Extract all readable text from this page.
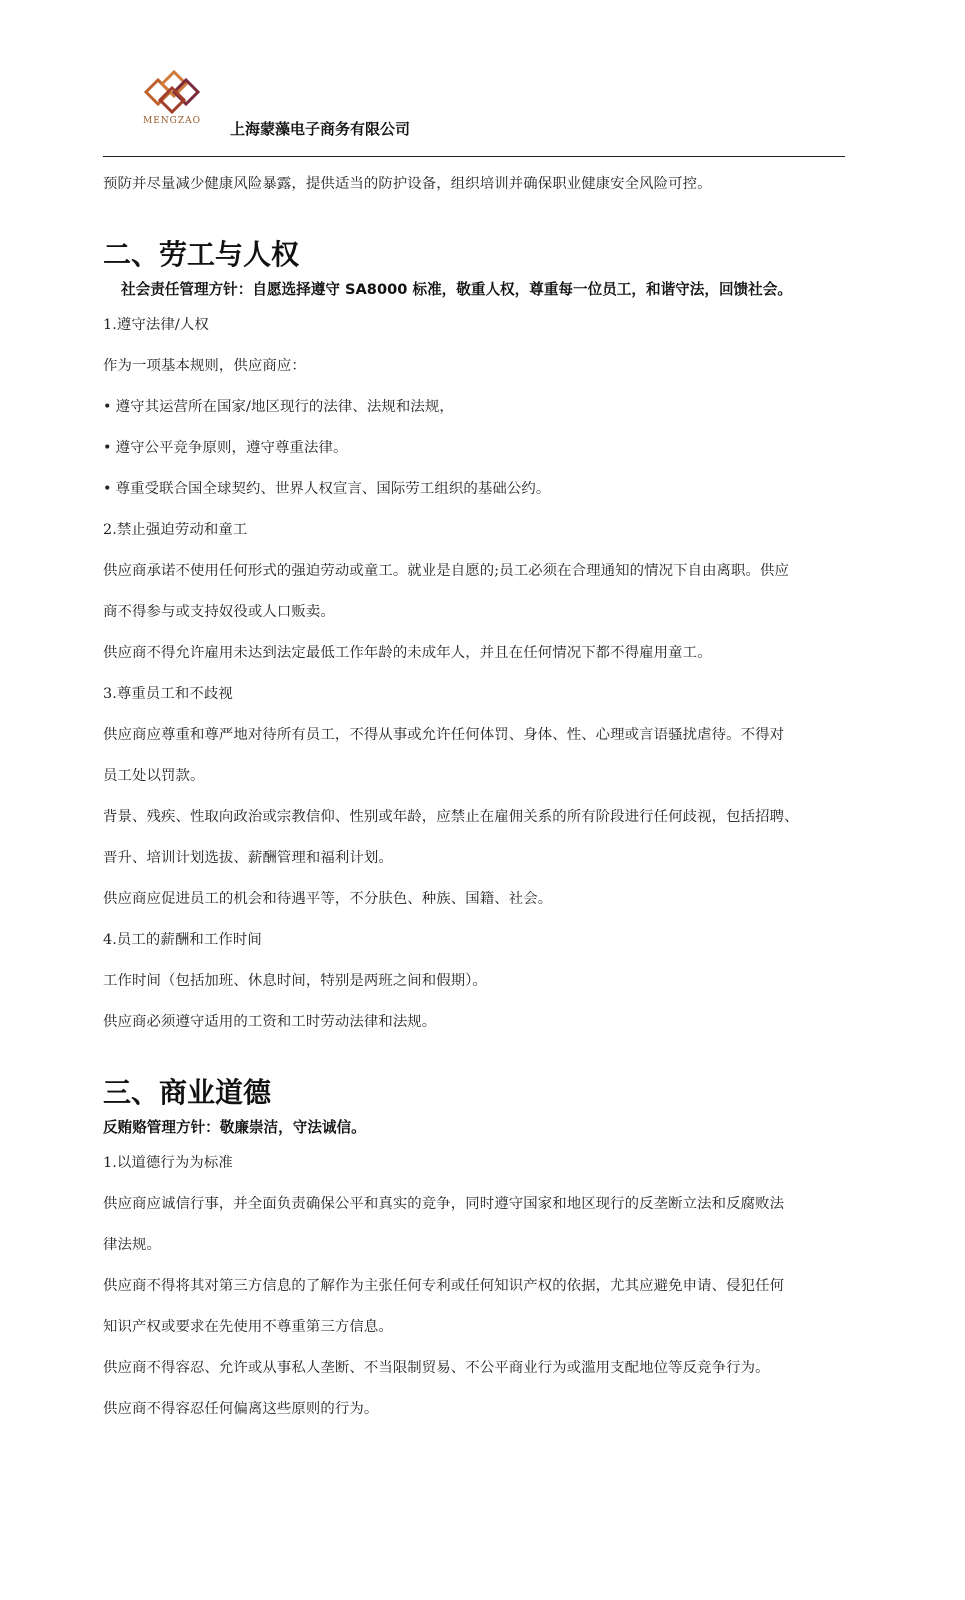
MENGZAO	上海蒙藻电子商务有限公司
预防并尽量减少健康风险暴露，提供适当的防护设备，组织培训并确保职业健康安全风险可控。
二、劳工与人权
社会责任管理方针：自愿选择遵守 SA8000 标准，敬重人权，尊重每一位员工，和谐守法，回馈社会。
1.遵守法律/人权
作为一项基本规则，供应商应：
• 遵守其运营所在国家/地区现行的法律、法规和法规，
• 遵守公平竞争原则，遵守尊重法律。
• 尊重受联合国全球契约、世界人权宣言、国际劳工组织的基础公约。
2.禁止强迫劳动和童工
供应商承诺不使用任何形式的强迫劳动或童工。就业是自愿的;员工必须在合理通知的情况下自由离职。供应
商不得参与或支持奴役或人口贩卖。
供应商不得允许雇用未达到法定最低工作年龄的未成年人，并且在任何情况下都不得雇用童工。
3.尊重员工和不歧视
供应商应尊重和尊严地对待所有员工，不得从事或允许任何体罚、身体、性、心理或言语骚扰虐待。不得对
员工处以罚款。
背景、残疾、性取向政治或宗教信仰、性别或年龄，应禁止在雇佣关系的所有阶段进行任何歧视，包括招聘、
晋升、培训计划选拔、薪酬管理和福利计划。
供应商应促进员工的机会和待遇平等，不分肤色、种族、国籍、社会。
4.员工的薪酬和工作时间
工作时间（包括加班、休息时间，特别是两班之间和假期）。
供应商必须遵守适用的工资和工时劳动法律和法规。
三、商业道德
反贿赂管理方针：敬廉崇洁，守法诚信。
1.以道德行为为标准
供应商应诚信行事，并全面负责确保公平和真实的竞争，同时遵守国家和地区现行的反垄断立法和反腐败法
律法规。
供应商不得将其对第三方信息的了解作为主张任何专利或任何知识产权的依据，尤其应避免申请、侵犯任何
知识产权或要求在先使用不尊重第三方信息。
供应商不得容忍、允许或从事私人垄断、不当限制贸易、不公平商业行为或滥用支配地位等反竞争行为。
供应商不得容忍任何偏离这些原则的行为。
